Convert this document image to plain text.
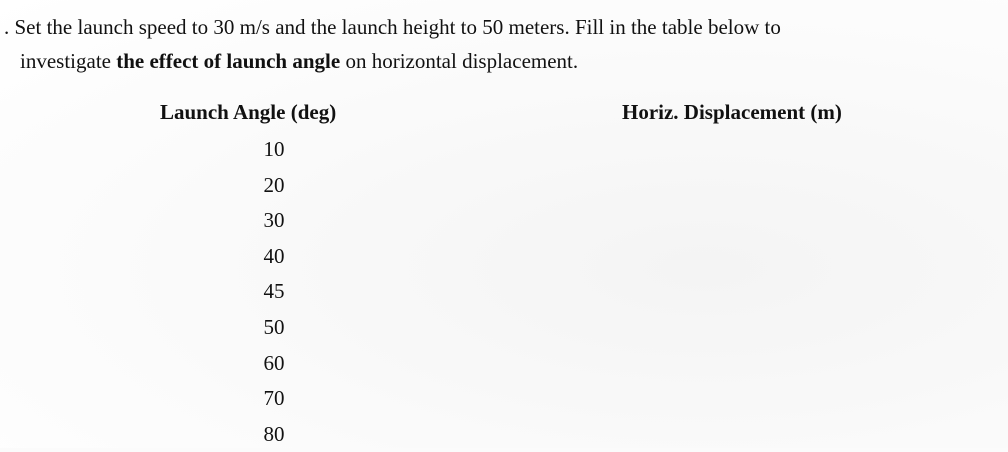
. Set the launch speed to 30 m/s and the launch height to 50 meters. Fill in the table below to
investigate the effect of launch angle on horizontal displacement.
Launch Angle (deg)	Horiz. Displacement (m)
10
20
30
40
45
50
60
70
80
